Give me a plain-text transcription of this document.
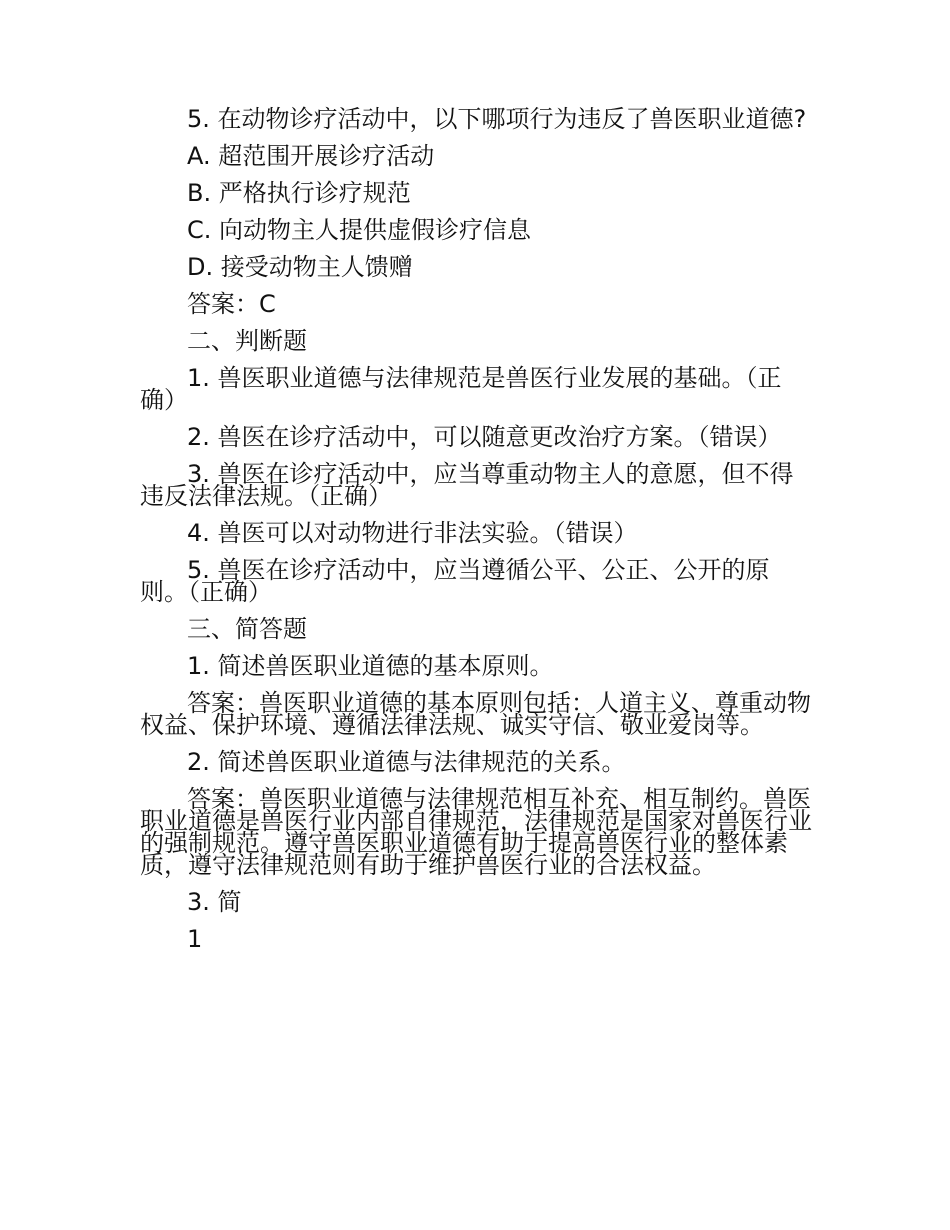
5. 在动物诊疗活动中，以下哪项行为违反了兽医职业道德?

A. 超范围开展诊疗活动

B. 严格执行诊疗规范

C. 向动物主人提供虚假诊疗信息

D. 接受动物主人馈赠

答案：C

二、判断题

1. 兽医职业道德与法律规范是兽医行业发展的基础。（正确）

2. 兽医在诊疗活动中，可以随意更改治疗方案。（错误）

3. 兽医在诊疗活动中，应当尊重动物主人的意愿，但不得违反法律法规。（正确）

4. 兽医可以对动物进行非法实验。（错误）

5. 兽医在诊疗活动中，应当遵循公平、公正、公开的原则。（正确）

三、简答题

1. 简述兽医职业道德的基本原则。

答案：兽医职业道德的基本原则包括：人道主义、尊重动物权益、保护环境、遵循法律法规、诚实守信、敬业爱岗等。

2. 简述兽医职业道德与法律规范的关系。

答案：兽医职业道德与法律规范相互补充、相互制约。兽医职业道德是兽医行业内部自律规范，法律规范是国家对兽医行业的强制规范。遵守兽医职业道德有助于提高兽医行业的整体素质，遵守法律规范则有助于维护兽医行业的合法权益。

3. 简

1
